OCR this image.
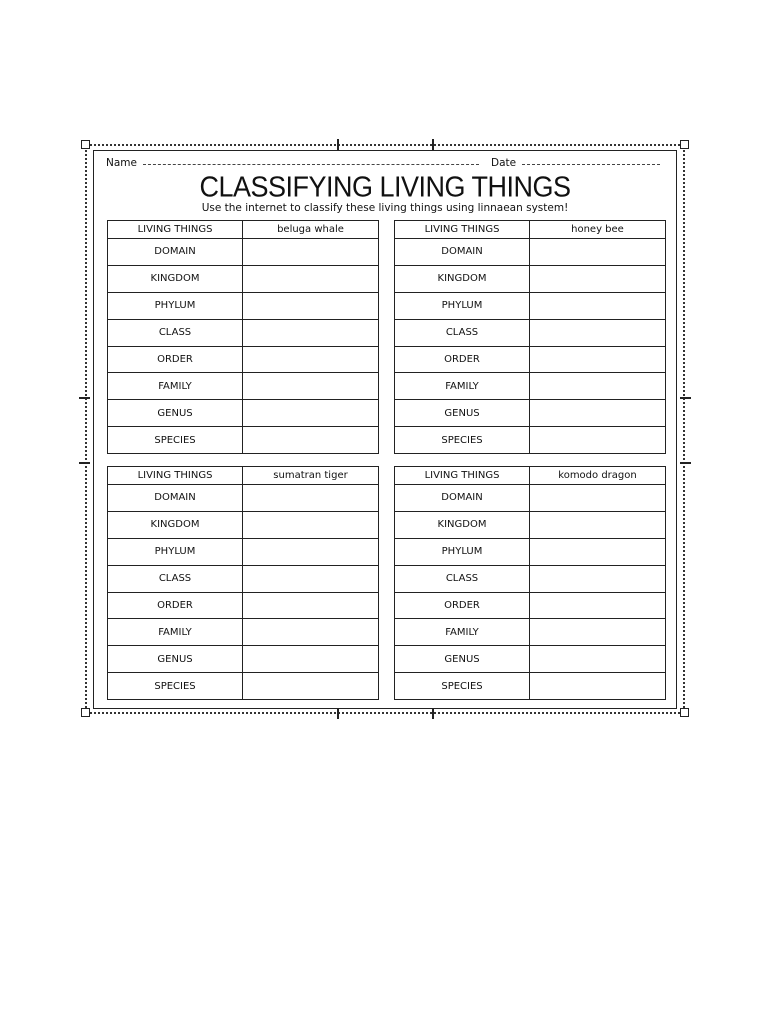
Name	Date
CLASSIFYING LIVING THINGS
Use the internet to classify these living things using linnaean system!
LIVING THINGS	beluga whale
DOMAIN	
KINGDOM	
PHYLUM	
CLASS	
ORDER	
FAMILY	
GENUS	
SPECIES	
LIVING THINGS	honey bee
DOMAIN	
KINGDOM	
PHYLUM	
CLASS	
ORDER	
FAMILY	
GENUS	
SPECIES	
LIVING THINGS	sumatran tiger
DOMAIN	
KINGDOM	
PHYLUM	
CLASS	
ORDER	
FAMILY	
GENUS	
SPECIES	
LIVING THINGS	komodo dragon
DOMAIN	
KINGDOM	
PHYLUM	
CLASS	
ORDER	
FAMILY	
GENUS	
SPECIES	
